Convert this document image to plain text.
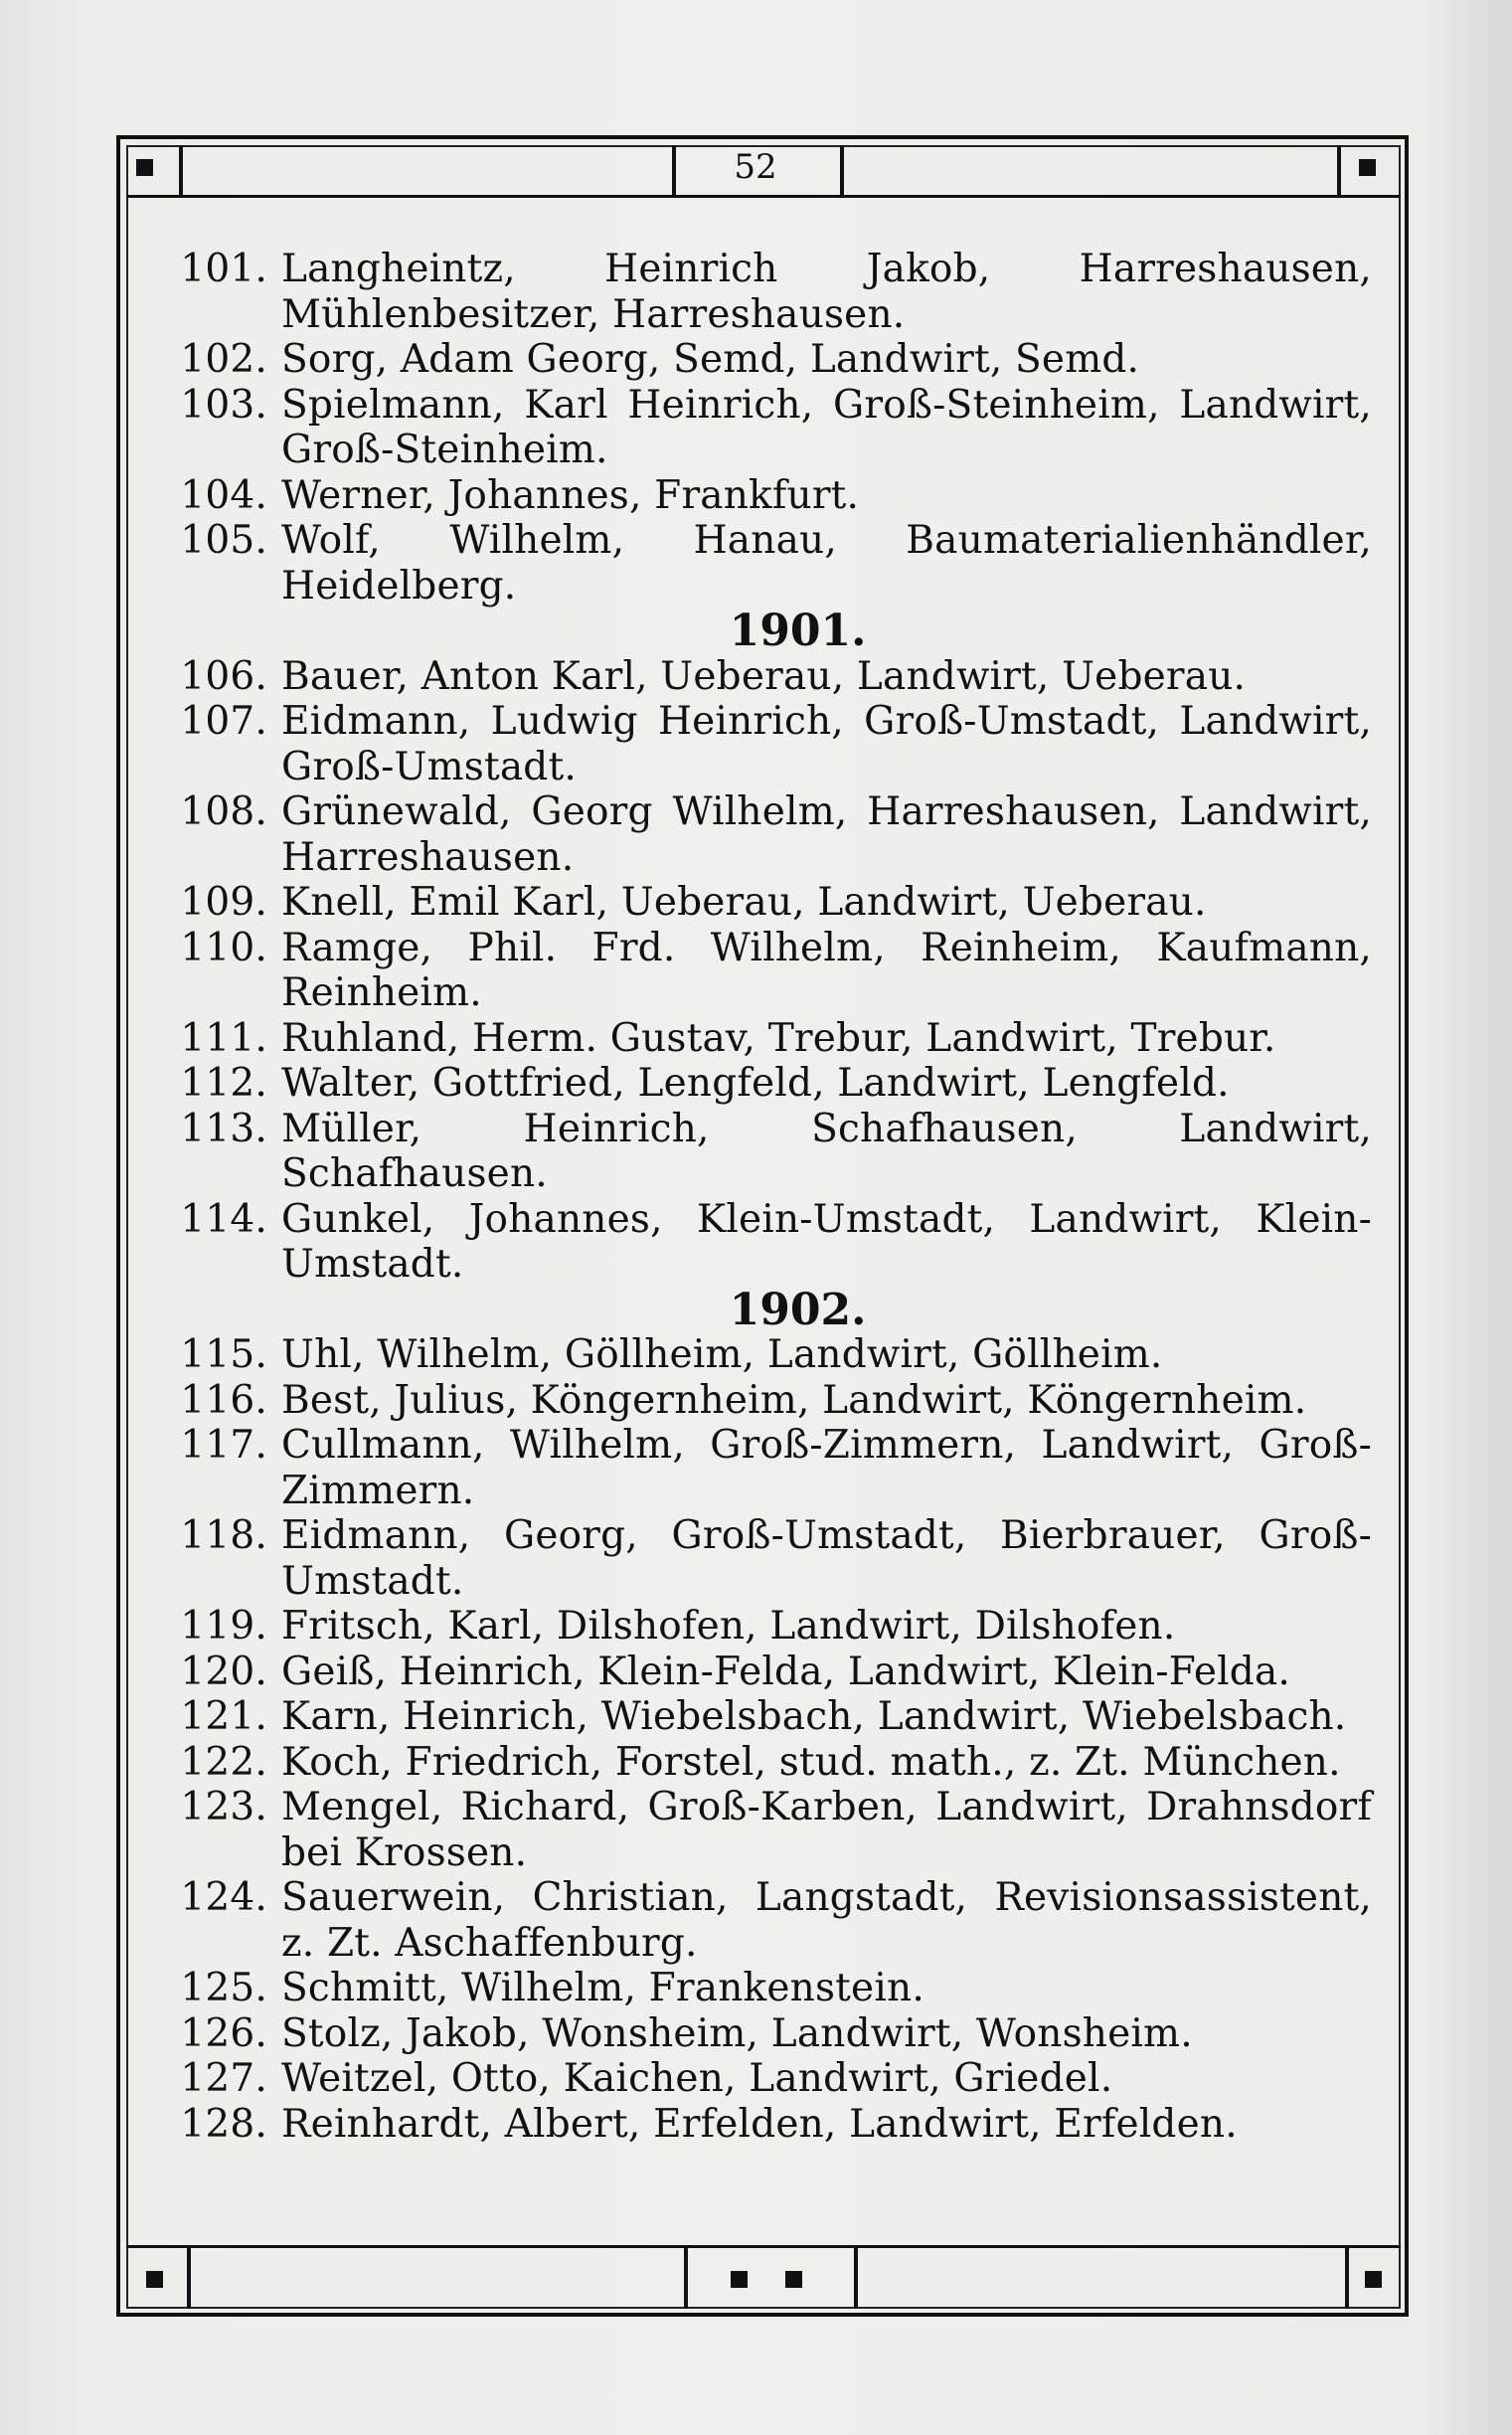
52
101. Langheintz, Heinrich Jakob, Harreshausen, Mühlenbesitzer, Harreshausen.
102. Sorg, Adam Georg, Semd, Landwirt, Semd.
103. Spielmann, Karl Heinrich, Groß-Steinheim, Landwirt, Groß-Steinheim.
104. Werner, Johannes, Frankfurt.
105. Wolf, Wilhelm, Hanau, Baumaterialienhändler, Heidelberg.
1901.
106. Bauer, Anton Karl, Ueberau, Landwirt, Ueberau.
107. Eidmann, Ludwig Heinrich, Groß-Umstadt, Landwirt, Groß-Umstadt.
108. Grünewald, Georg Wilhelm, Harreshausen, Landwirt, Harreshausen.
109. Knell, Emil Karl, Ueberau, Landwirt, Ueberau.
110. Ramge, Phil. Frd. Wilhelm, Reinheim, Kaufmann, Reinheim.
111. Ruhland, Herm. Gustav, Trebur, Landwirt, Trebur.
112. Walter, Gottfried, Lengfeld, Landwirt, Lengfeld.
113. Müller, Heinrich, Schafhausen, Landwirt, Schafhausen.
114. Gunkel, Johannes, Klein-Umstadt, Landwirt, Klein-Umstadt.
1902.
115. Uhl, Wilhelm, Göllheim, Landwirt, Göllheim.
116. Best, Julius, Köngernheim, Landwirt, Köngernheim.
117. Cullmann, Wilhelm, Groß-Zimmern, Landwirt, Groß-Zimmern.
118. Eidmann, Georg, Groß-Umstadt, Bierbrauer, Groß-Umstadt.
119. Fritsch, Karl, Dilshofen, Landwirt, Dilshofen.
120. Geiß, Heinrich, Klein-Felda, Landwirt, Klein-Felda.
121. Karn, Heinrich, Wiebelsbach, Landwirt, Wiebelsbach.
122. Koch, Friedrich, Forstel, stud. math., z. Zt. München.
123. Mengel, Richard, Groß-Karben, Landwirt, Drahnsdorf bei Krossen.
124. Sauerwein, Christian, Langstadt, Revisionsassistent, z. Zt. Aschaffenburg.
125. Schmitt, Wilhelm, Frankenstein.
126. Stolz, Jakob, Wonsheim, Landwirt, Wonsheim.
127. Weitzel, Otto, Kaichen, Landwirt, Griedel.
128. Reinhardt, Albert, Erfelden, Landwirt, Erfelden.
